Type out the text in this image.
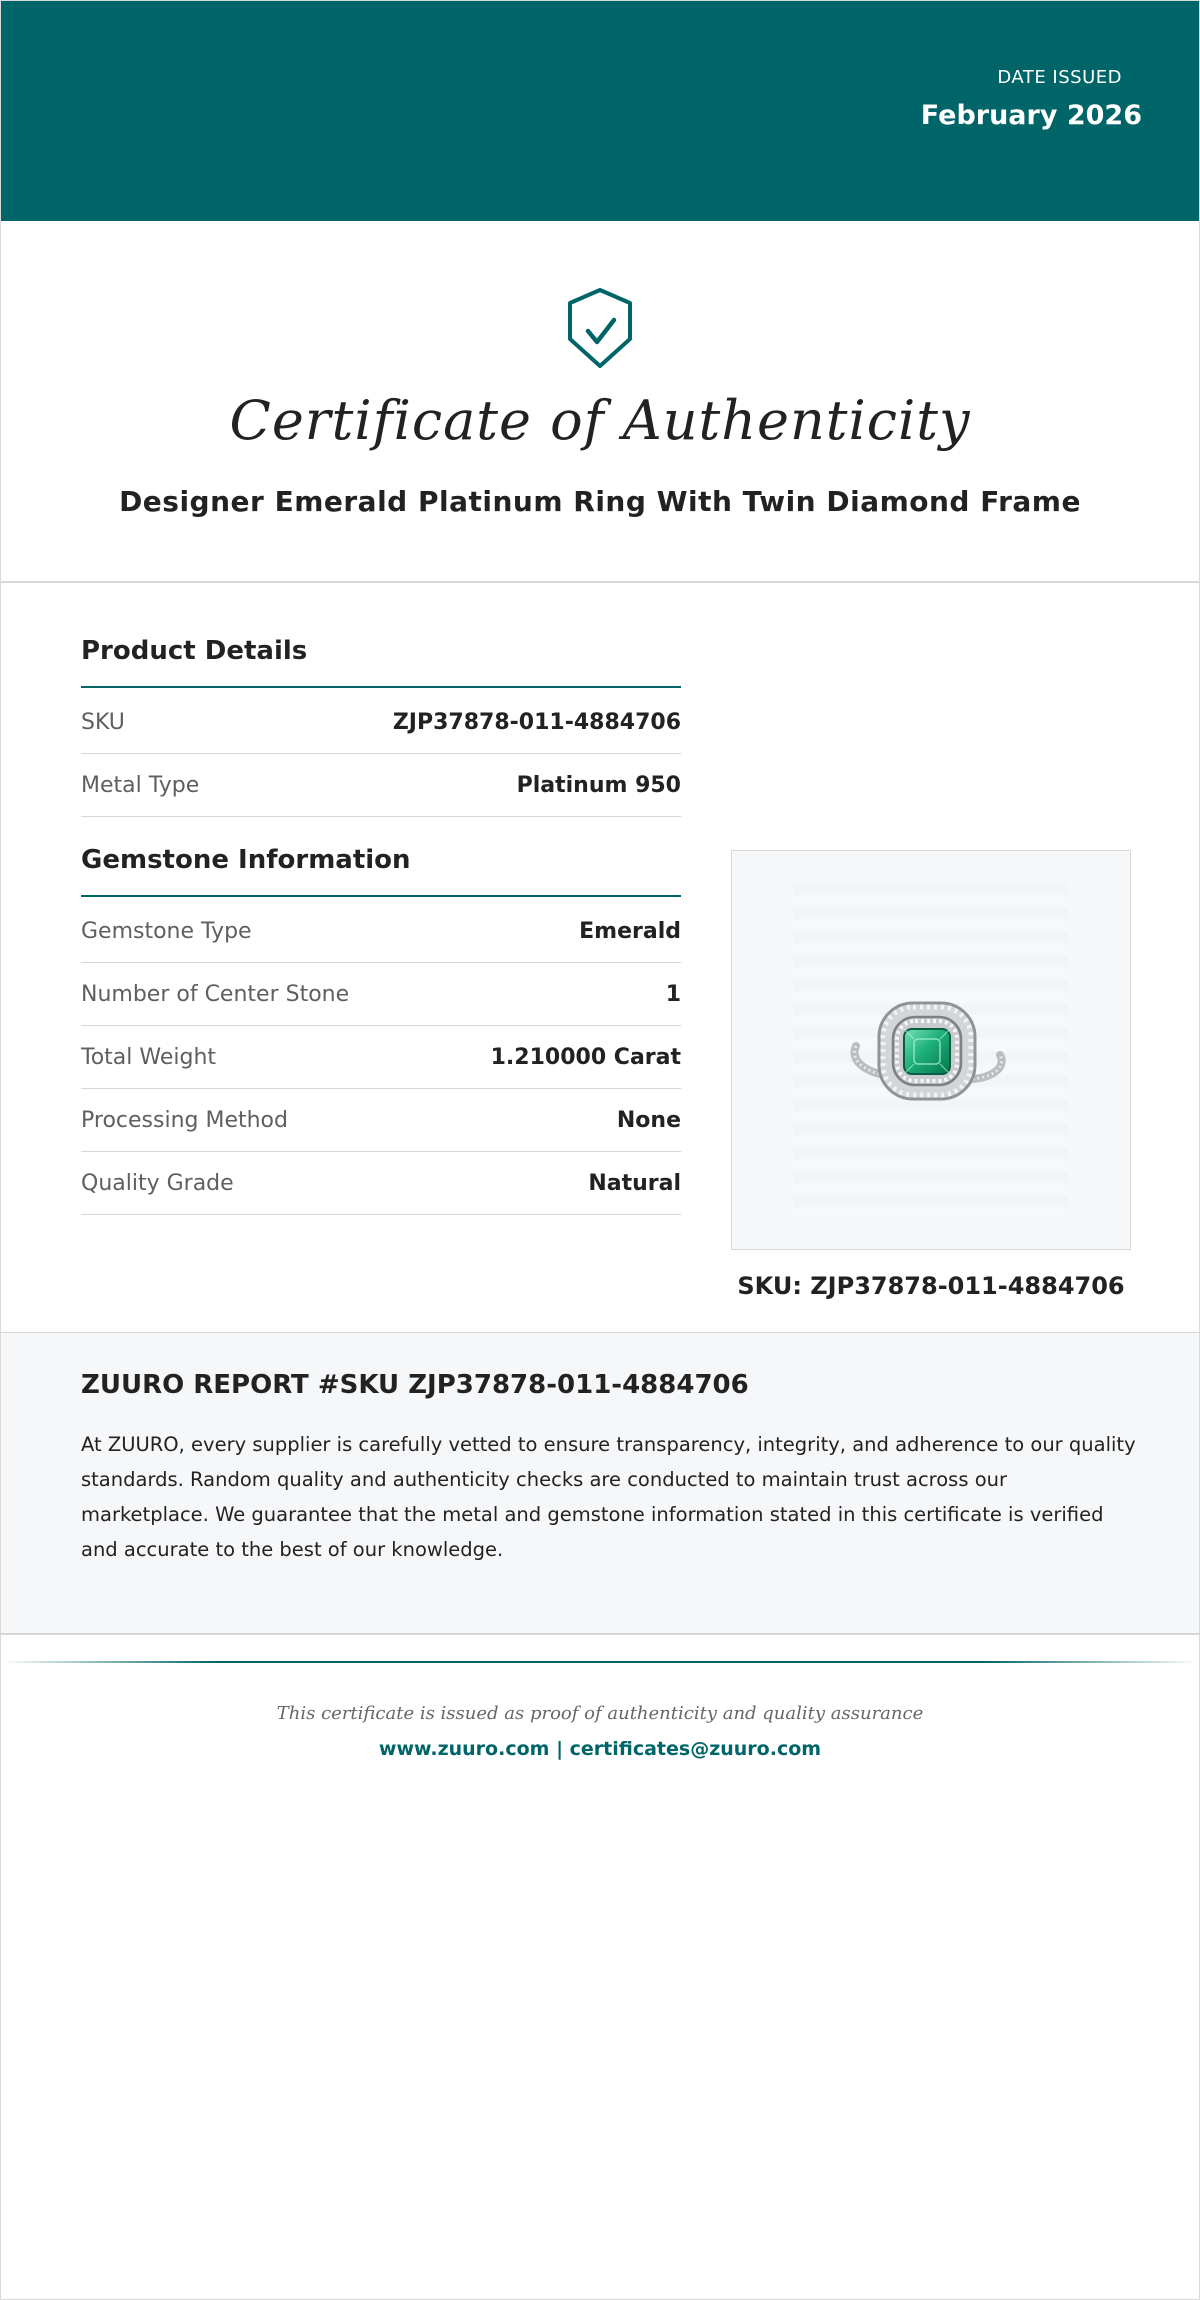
DATE ISSUED
February 2026
Certificate of Authenticity
Designer Emerald Platinum Ring With Twin Diamond Frame
Product Details
SKU	ZJP37878-011-4884706
Metal Type	Platinum 950
Gemstone Information
Gemstone Type	Emerald
Number of Center Stone	1
Total Weight	1.210000 Carat
Processing Method	None
Quality Grade	Natural
SKU: ZJP37878-011-4884706
ZUURO REPORT #SKU ZJP37878-011-4884706
At ZUURO, every supplier is carefully vetted to ensure transparency, integrity, and adherence to our quality standards. Random quality and authenticity checks are conducted to maintain trust across our marketplace. We guarantee that the metal and gemstone information stated in this certificate is verified and accurate to the best of our knowledge.
This certificate is issued as proof of authenticity and quality assurance
www.zuuro.com | certificates@zuuro.com
